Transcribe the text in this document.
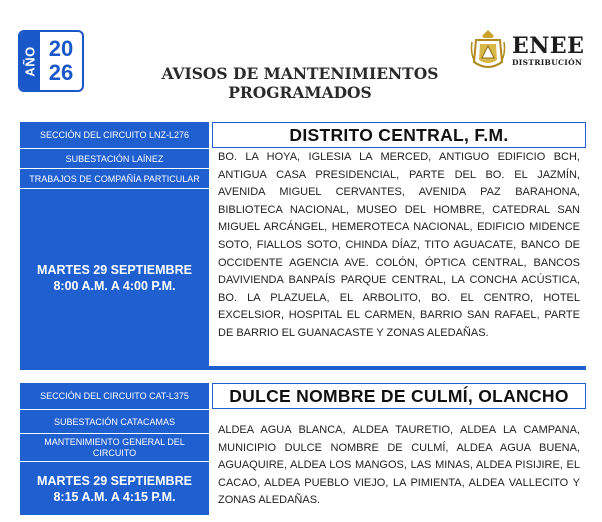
AÑO 20
26	AVISOS DE MANTENIMIENTOS
PROGRAMADOS
ENEE
DISTRIBUCIÓN
SECCIÓN DEL CIRCUITO LNZ-L276
SUBESTACIÓN LAÍNEZ
TRABAJOS DE COMPAÑÍA PARTICULAR
MARTES 29 SEPTIEMBRE
8:00 A.M. A 4:00 P.M.
DISTRITO CENTRAL, F.M.
BO. LA HOYA, IGLESIA LA MERCED, ANTIGUO EDIFICIO BCH, ANTIGUA CASA PRESIDENCIAL, PARTE DEL BO. EL JAZMÍN, AVENIDA MIGUEL CERVANTES, AVENIDA PAZ BARAHONA, BIBLIOTECA NACIONAL, MUSEO DEL HOMBRE, CATEDRAL SAN MIGUEL ARCÁNGEL, HEMEROTECA NACIONAL, EDIFICIO MIDENCE SOTO, FIALLOS SOTO, CHINDA DÍAZ, TITO AGUACATE, BANCO DE OCCIDENTE AGENCIA AVE. COLÓN, ÓPTICA CENTRAL, BANCOS DAVIVIENDA BANPAÍS PARQUE CENTRAL, LA CONCHA ACÚSTICA, BO. LA PLAZUELA, EL ARBOLITO, BO. EL CENTRO, HOTEL EXCELSIOR, HOSPITAL EL CARMEN, BARRIO SAN RAFAEL, PARTE DE BARRIO EL GUANACASTE Y ZONAS ALEDAÑAS.
SECCIÓN DEL CIRCUITO CAT-L375
SUBESTACIÓN CATACAMAS
MANTENIMIENTO GENERAL DEL CIRCUITO
MARTES 29 SEPTIEMBRE
8:15 A.M. A 4:15 P.M.
DULCE NOMBRE DE CULMÍ, OLANCHO
ALDEA AGUA BLANCA, ALDEA TAURETIO, ALDEA LA CAMPANA, MUNICIPIO DULCE NOMBRE DE CULMÍ, ALDEA AGUA BUENA, AGUAQUIRE, ALDEA LOS MANGOS, LAS MINAS, ALDEA PISIJIRE, EL CACAO, ALDEA PUEBLO VIEJO, LA PIMIENTA, ALDEA VALLECITO Y ZONAS ALEDAÑAS.
